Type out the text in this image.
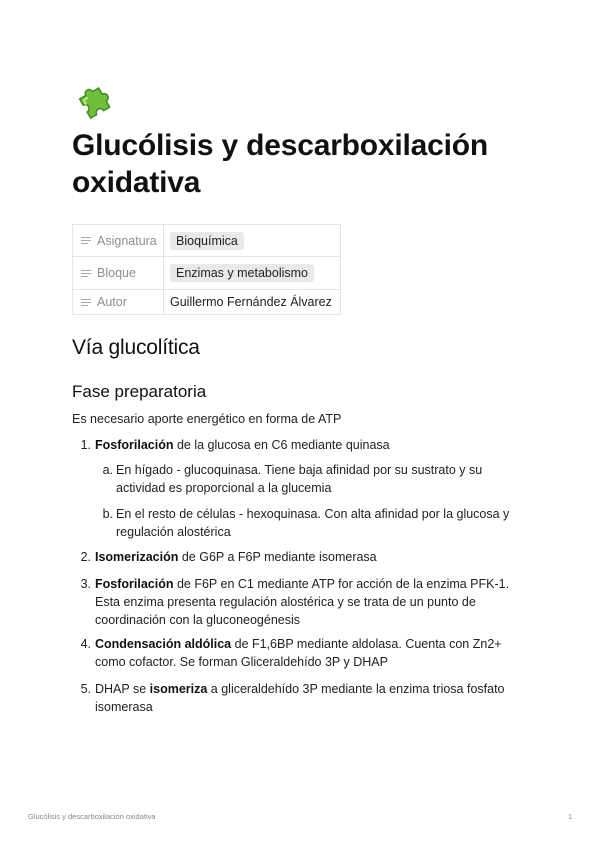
Glucólisis y descarboxilación oxidativa
Asignatura	Bioquímica
Bloque	Enzimas y metabolismo
Autor	Guillermo Fernández Álvarez
Vía glucolítica
Fase preparatoria
Es necesario aporte energético en forma de ATP
1. Fosforilación de la glucosa en C6 mediante quinasa
a. En hígado - glucoquinasa. Tiene baja afinidad por su sustrato y su actividad es proporcional a la glucemia
b. En el resto de células - hexoquinasa. Con alta afinidad por la glucosa y regulación alostérica
2. Isomerización de G6P a F6P mediante isomerasa
3. Fosforilación de F6P en C1 mediante ATP for acción de la enzima PFK-1. Esta enzima presenta regulación alostérica y se trata de un punto de coordinación con la gluconeogénesis
4. Condensación aldólica de F1,6BP mediante aldolasa. Cuenta con Zn2+ como cofactor. Se forman Gliceraldehído 3P y DHAP
5. DHAP se isomeriza a gliceraldehído 3P mediante la enzima triosa fosfato isomerasa
Glucólisis y descarboxilación oxidativa	1
